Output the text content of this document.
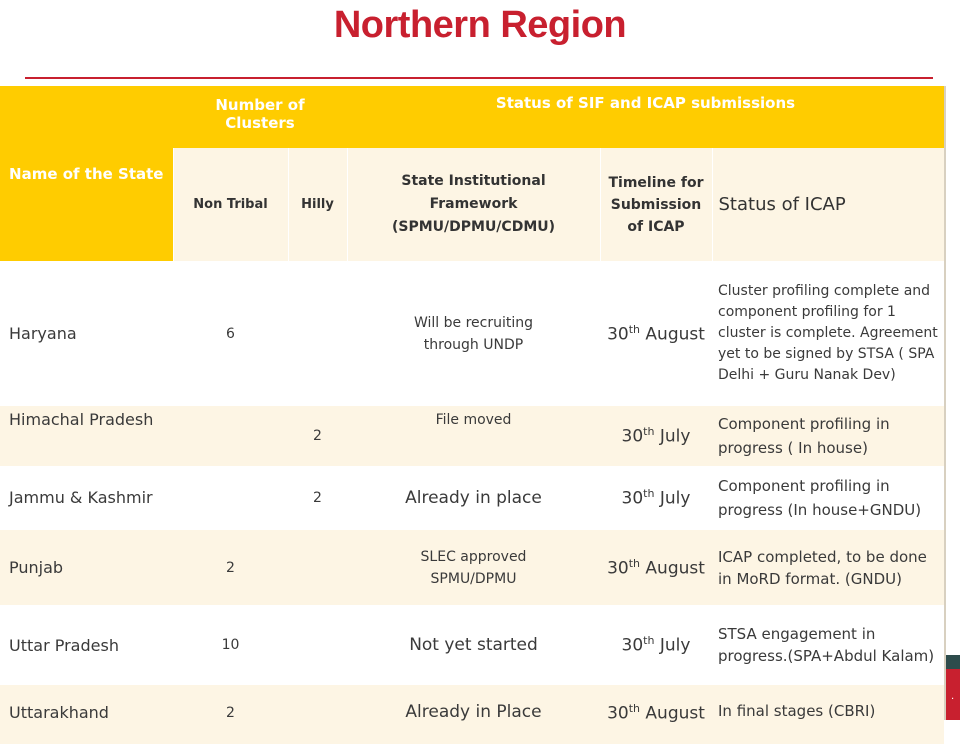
Northern Region
Name of the State	Number of Clusters		Status of SIF and ICAP submissions		
	Non Tribal	Hilly	State Institutional Framework (SPMU/DPMU/CDMU)	Timeline for Submission of ICAP	Status of ICAP
Haryana	6		Will be recruiting through UNDP	30th August	Cluster profiling complete and component profiling for 1 cluster is complete. Agreement yet to be signed by STSA ( SPA Delhi + Guru Nanak Dev)
Himachal Pradesh		2	File moved	30th July	Component profiling in progress ( In house)
Jammu & Kashmir		2	Already in place	30th July	Component profiling in progress (In house+GNDU)
Punjab	2		SLEC approved SPMU/DPMU	30th August	ICAP completed, to be done in MoRD format. (GNDU)
Uttar Pradesh	10		Not yet started	30th July	STSA engagement in progress.(SPA+Abdul Kalam)
Uttarakhand	2		Already in Place	30th August	In final stages (CBRI)
·
